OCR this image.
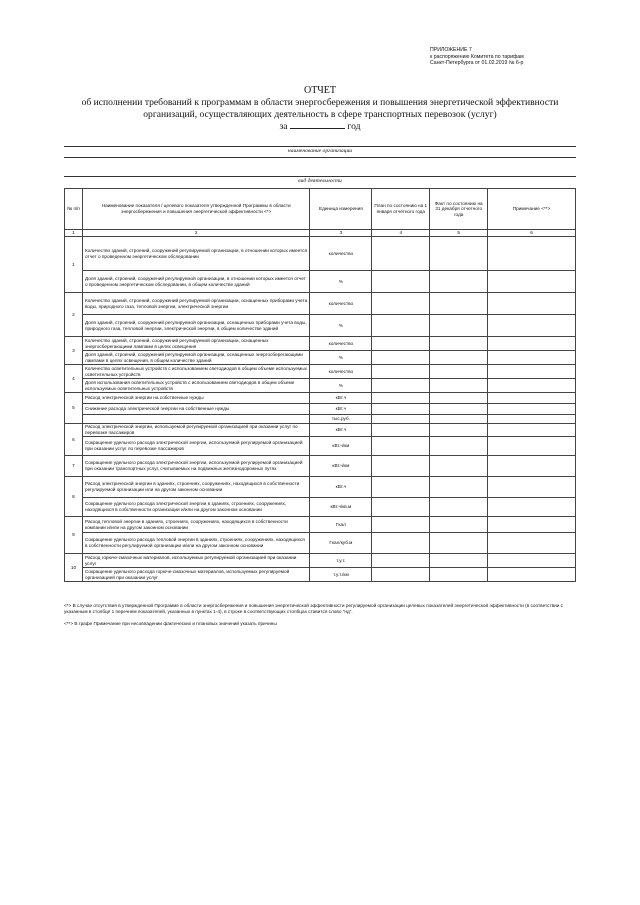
ПРИЛОЖЕНИЕ 7
к распоряжению Комитета по тарифам
Санкт-Петербурга от 01.02.2019 № 6-р
ОТЧЕТ
об исполнении требований к программам в области энергосбережения и повышения энергетической эффективности
организаций, осуществляющих деятельность в сфере транспортных перевозок (услуг)
за	год
наименование организации
вид деятельности
№ п/п	Наименование показателя / целевого показателя утвержденной Программы в области энергосбережения и повышения энергетической эффективности <*>	Единица измерения	План по состоянию на 1 января отчетного года	Факт по состоянию на 31 декабря отчетного года	Примечание <**>
1	2	3	4	5	6
1	Количество зданий, строений, сооружений регулируемой организации, в отношении которых имеется отчет о проведенном энергетическом обследовании	количество			
	Доля зданий, строений, сооружений регулируемой организации, в отношении которых имеется отчет о проведенном энергетическом обследовании, в общем количестве зданий	%			
2	Количество зданий, строений, сооружений регулируемой организации, оснащенных приборами учета воды, природного газа, тепловой энергии, электрической энергии	количество			
	Доля зданий, строений, сооружений регулируемой организации, оснащенных приборами учета воды, природного газа, тепловой энергии, электрической энергии, в общем количестве зданий	%			
3	Количество зданий, строений, сооружений регулируемой организации, оснащенных энергосберегающими лампами в целях освещения	количество			
	Доля зданий, строений, сооружений регулируемой организации, оснащенных энергосберегающими лампами в целях освещения, в общем количестве зданий	%			
4	Количество осветительных устройств с использованием светодиодов в общем объеме используемых осветительных устройств	количество			
	Доля использования осветительных устройств с использованием светодиодов в общем объеме используемых осветительных устройств	%			
5	Расход электрической энергии на собственные нужды	кВт.ч			
	Снижение расхода электрической энергии на собственные нужды	кВт.ч			
		тыс.руб.			
6	Расход электрической энергии, используемой регулируемой организацией при оказании услуг по перевозке пассажиров	кВт.ч			
	Сокращение удельного расхода электрической энергии, используемой регулируемой организацией при оказании услуг по перевозке пассажиров	кВт.ч/км			
7	Сокращение удельного расхода электрической энергии, используемой регулируемой организацией при оказании транспортных услуг, считываемых на подвижных железнодорожных путях	кВт.ч/км			
8	Расход электрической энергии в зданиях, строениях, сооружениях, находящихся в собственности регулируемой организации или на другом законном основании	кВт.ч			
	Сокращение удельного расхода электрической энергии в зданиях, строениях, сооружениях, находящихся в собственности организации и/или на другом законном основании	кВт.ч/кв.м			
9	Расход тепловой энергии в зданиях, строениях, сооружениях, находящихся в собственности компании и/или на другом законном основании	Гкал			
	Сокращение удельного расхода тепловой энергии в зданиях, строениях, сооружениях, находящихся в собственности регулируемой организации и/или на другом законном основании	Гкал/куб.м			
10	Расход горюче-смазочных материалов, используемых регулируемой организацией при оказании услуг	т.у.т.			
	Сокращение удельного расхода горюче-смазочных материалов, используемых регулируемой организацией при оказании услуг	т.у.т./км			

<*> В случае отсутствия в утвержденной Программе в области энергосбережения и повышения энергетической эффективности регулируемой организации целевых показателей энергетической эффективности (в соответствии с указанным в столбце 1 перечнем показателей, указанных в пунктах 1-4), в строке в соответствующих столбцах ставится слово "нд".

<**> В графе Примечание при несовпадении фактических и плановых значений указать причины
